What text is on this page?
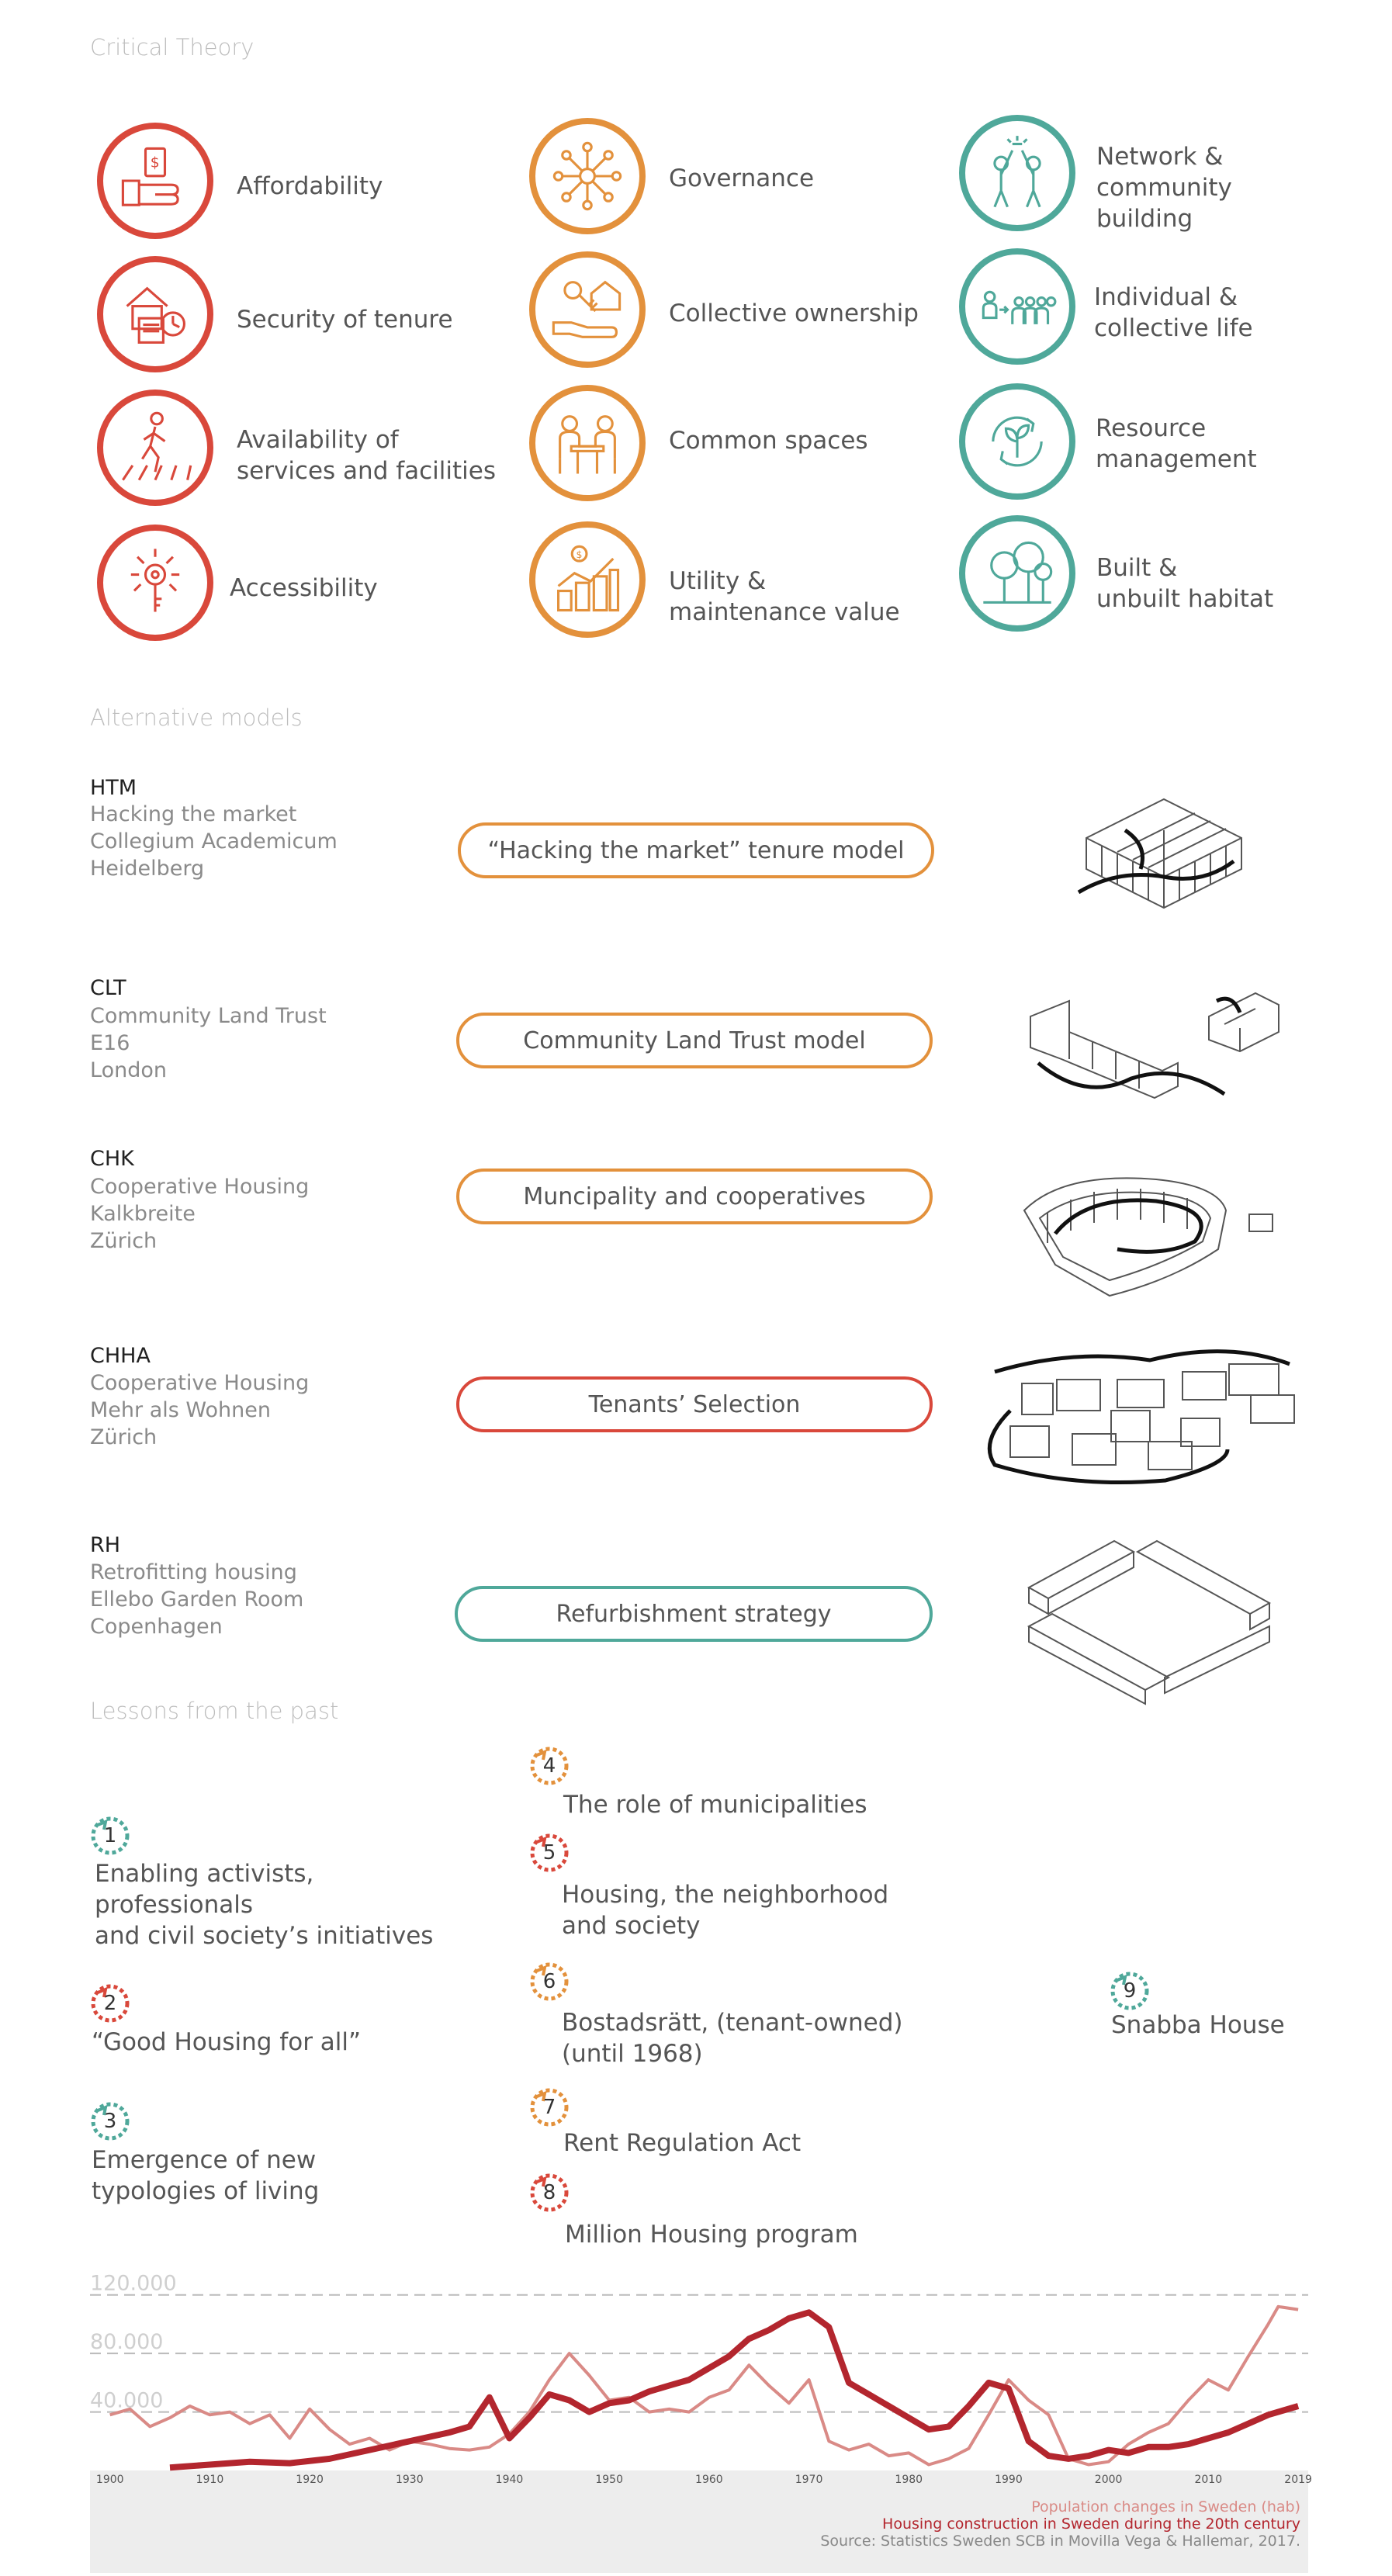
Critical Theory
Alternative models
Lessons from the past
$
Affordability
Security of tenure
Availability of
services and facilities
Accessibility
Governance
Collective ownership
Common spaces
$
Utility &
maintenance value
Network &
community
building
Individual &
collective life
Resource
management
Built &
unbuilt habitat
HTM
Hacking the market
Collegium Academicum
Heidelberg
“Hacking the market” tenure model
CLT
Community Land Trust
E16
London
Community Land Trust model
CHK
Cooperative Housing
Kalkbreite
Zürich
Muncipality and cooperatives
CHHA
Cooperative Housing
Mehr als Wohnen
Zürich
Tenants’ Selection
RH
Retrofitting housing
Ellebo Garden Room
Copenhagen	Refurbishment strategy
1
Enabling activists,
professionals
and civil society’s initiatives
2
“Good Housing for all”
3
Emergence of new
typologies of living
4
The role of municipalities
5
Housing, the neighborhood
and society
6
Bostadsrätt, (tenant-owned)
(until 1968)
7
Rent Regulation Act
8
Million Housing program
9
Snabba House
40.000
80.000
120.000
1900	1910	1920	1930	1940	1950	1960	1970	1980	1990	2000	2010	2019
Population changes in Sweden (hab)
Housing construction in Sweden during the 20th century
Source: Statistics Sweden SCB in Movilla Vega & Hallemar, 2017.
